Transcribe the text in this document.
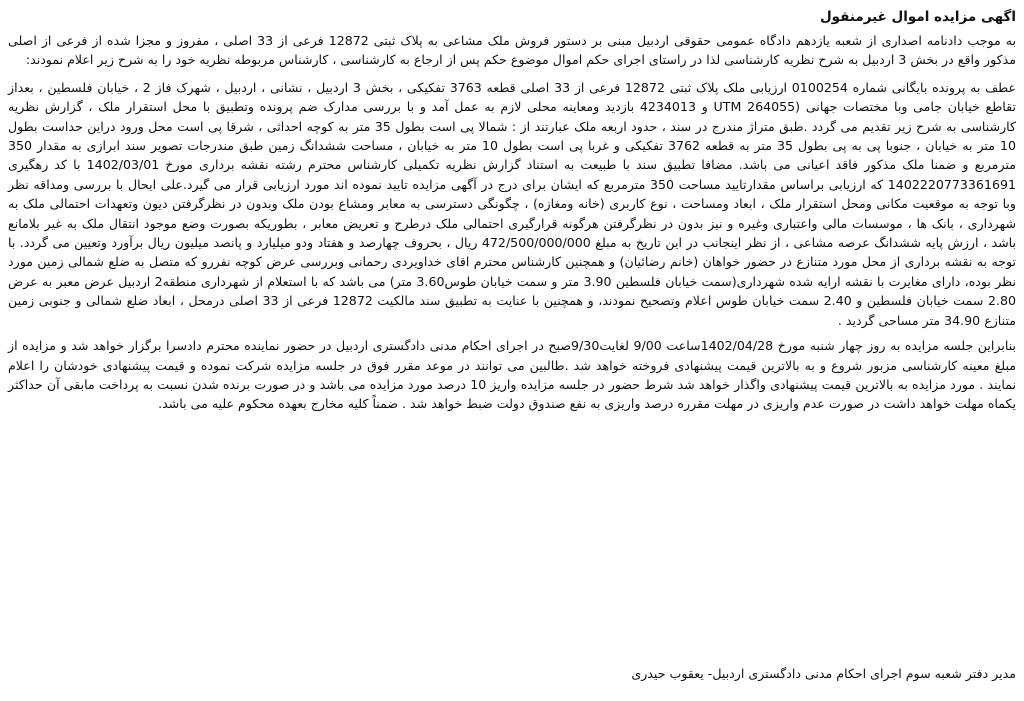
اگهی مزایده اموال غیرمنقول

به موجب دادنامه اصداری از شعبه یازدهم دادگاه عمومی حقوقی اردبیل مبنی بر دستور فروش ملک مشاعی به پلاک ثبتی 12872 فرعی از 33 اصلی ، مفروز و مجزا شده از فرعی از اصلی مذکور واقع در بخش 3 اردبیل به شرح نظریه کارشناسی لذا در راستای اجرای حکم اموال موضوع حکم پس از ارجاع به کارشناسی ، کارشناس مربوطه نظریه خود را به شرح زیر اعلام نمودند:

عطف به پرونده بایگانی شماره 0100254 ارزیابی ملک پلاک ثبتی 12872 فرعی از 33 اصلی قطعه 3763 تفکیکی ، بخش 3 اردبیل ، نشانی ، اردبیل ، شهرک فاز 2 ، خیابان فلسطین ، بعداز تقاطع خیابان جامی وبا مختصات جهانی (UTM 264055 و 4234013 بازدید ومعاینه محلی لازم به عمل آمد و با بررسی مدارک ضم پرونده وتطبیق با محل استقرار ملک ، گزارش نظریه کارشناسی به شرح زیر تقدیم می گردد .طبق متراژ مندرج در سند ، حدود اربعه ملک عبارتند از : شمالا پی است بطول 35 متر به کوچه احداثی ، شرقا پی است محل ورود دراین حداست بطول 10 متر به خیابان ، جنوبا پی به پی بطول 35 متر به قطعه 3762 تفکیکی و غربا پی است بطول 10 متر به خیابان ، مساحت ششدانگ زمین طبق مندرجات تصویر سند ابرازی به مقدار 350 مترمربع و ضمنا ملک مذکور فاقد اعیانی می باشد. مضافا تطبیق سند با طبیعت به استناد گزارش نظریه تکمیلی کارشناس محترم رشته نقشه برداری مورخ 1402/03/01 با کد رهگیری 1402220773361691 که ارزیابی براساس مقدارتایید مساحت 350 مترمربع که ایشان برای درج در آگهی مزایده تایید نموده اند مورد ارزیابی قرار می گیرد.علی ایحال با بررسی ومداقه نظر وبا توجه به موقعیت مکانی ومحل استقرار ملک ، ابعاد ومساحت ، نوع کاربری (خانه ومغازه) ، چگونگی دسترسی به معابر ومشاع بودن ملک وبدون در نظرگرفتن دیون وتعهدات احتمالی ملک به شهرداری ، بانک ها ، موسسات مالی واعتباری وغیره و نیز بدون در نظرگرفتن هرگونه قرارگیری احتمالی ملک درطرح و تعریض معابر ، بطوریکه بصورت وضع موجود انتقال ملک به غیر بلامانع باشد ، ارزش پایه ششدانگ عرصه مشاعی ، از نظر اینجانب در این تاریخ به مبلغ 472/500/000/000 ریال ، بحروف چهارصد و هفتاد ودو میلیارد و پانصد میلیون ریال برآورد وتعیین می گردد. با توجه به نقشه برداری از محل مورد متنازع در حضور خواهان (خانم رضائیان) و همچنین کارشناس محترم اقای خداویردی رحمانی وبررسی عرض کوچه نفررو که متصل به ضلع شمالی زمین مورد نظر بوده، دارای مغایرت با نقشه ارایه شده شهرداری(سمت خیابان فلسطین 3.90 متر و سمت خیابان طوس3.60 متر) می باشد که با استعلام از شهرداری منطقه2 اردبیل عرض معبر به عرض 2.80 سمت خیابان فلسطین و 2.40 سمت خیابان طوس اعلام وتصحیح نمودند، و همچنین با عنایت به تطبیق سند مالکیت 12872 فرعی از 33 اصلی درمحل ، ابعاد ضلع شمالی و جنوبی زمین متنازع 34.90 متر مساحی گردید .

بنابراین جلسه مزایده به روز چهار شنبه مورخ 1402/04/28ساعت 9/00 لغایت9/30صبح در اجرای احکام مدنی دادگستری اردبیل در حضور نماینده محترم دادسرا برگزار خواهد شد و مزایده از مبلغ معینه کارشناسی مزبور شروع و به بالاترین قیمت پیشنهادی فروخته خواهد شد .طالبین می توانند در موعد مقرر فوق در جلسه مزایده شرکت نموده و قیمت پیشنهادی خودشان را اعلام نمایند . مورد مزایده به بالاترین قیمت پیشنهادی واگذار خواهد شد شرط حضور در جلسه مزایده واریز 10 درصد مورد مزایده می باشد و در صورت برنده شدن نسبت به پرداخت مابقی آن حداکثر یکماه مهلت خواهد داشت در صورت عدم واریزی در مهلت مقرره درصد واریزی به نفع صندوق دولت ضبط خواهد شد . ضمناً کلیه مخارج بعهده محکوم علیه می باشد.

مدیر دفتر شعبه سوم اجرای احکام مدنی دادگستری اردبیل- یعقوب حیدری
